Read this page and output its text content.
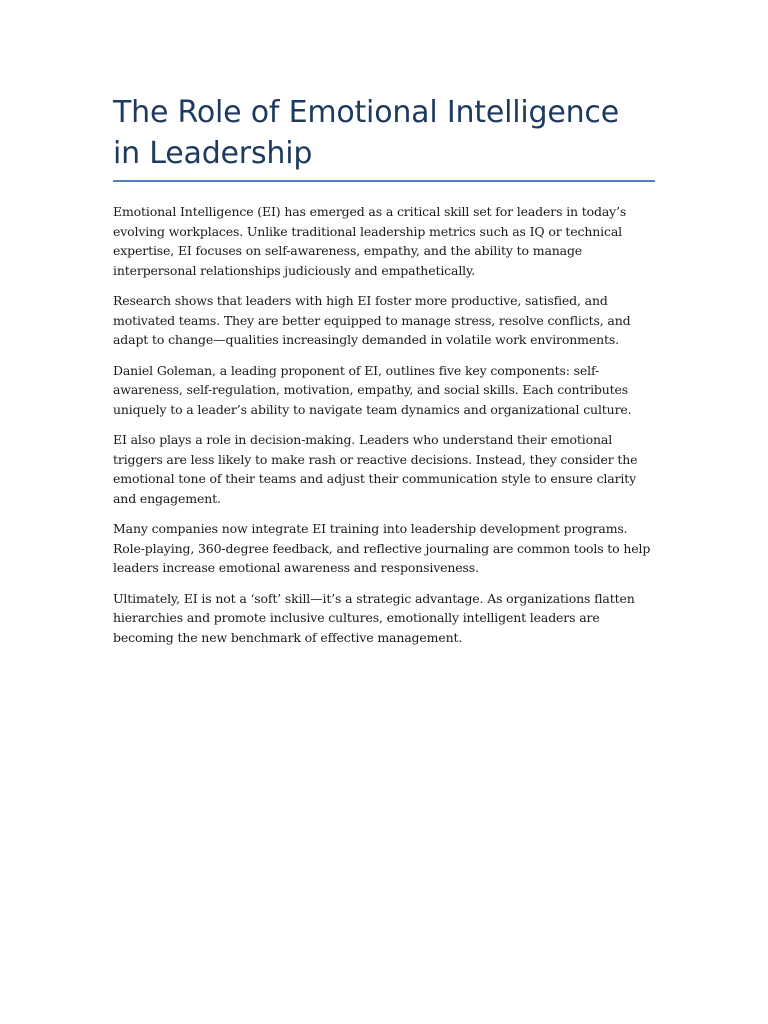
The Role of Emotional Intelligence in Leadership

Emotional Intelligence (EI) has emerged as a critical skill set for leaders in today’s evolving workplaces. Unlike traditional leadership metrics such as IQ or technical expertise, EI focuses on self-awareness, empathy, and the ability to manage interpersonal relationships judiciously and empathetically.

Research shows that leaders with high EI foster more productive, satisfied, and motivated teams. They are better equipped to manage stress, resolve conflicts, and adapt to change—qualities increasingly demanded in volatile work environments.

Daniel Goleman, a leading proponent of EI, outlines five key components: self-awareness, self-regulation, motivation, empathy, and social skills. Each contributes uniquely to a leader’s ability to navigate team dynamics and organizational culture.

EI also plays a role in decision-making. Leaders who understand their emotional triggers are less likely to make rash or reactive decisions. Instead, they consider the emotional tone of their teams and adjust their communication style to ensure clarity and engagement.

Many companies now integrate EI training into leadership development programs. Role-playing, 360-degree feedback, and reflective journaling are common tools to help leaders increase emotional awareness and responsiveness.

Ultimately, EI is not a ‘soft’ skill—it’s a strategic advantage. As organizations flatten hierarchies and promote inclusive cultures, emotionally intelligent leaders are becoming the new benchmark of effective management.
